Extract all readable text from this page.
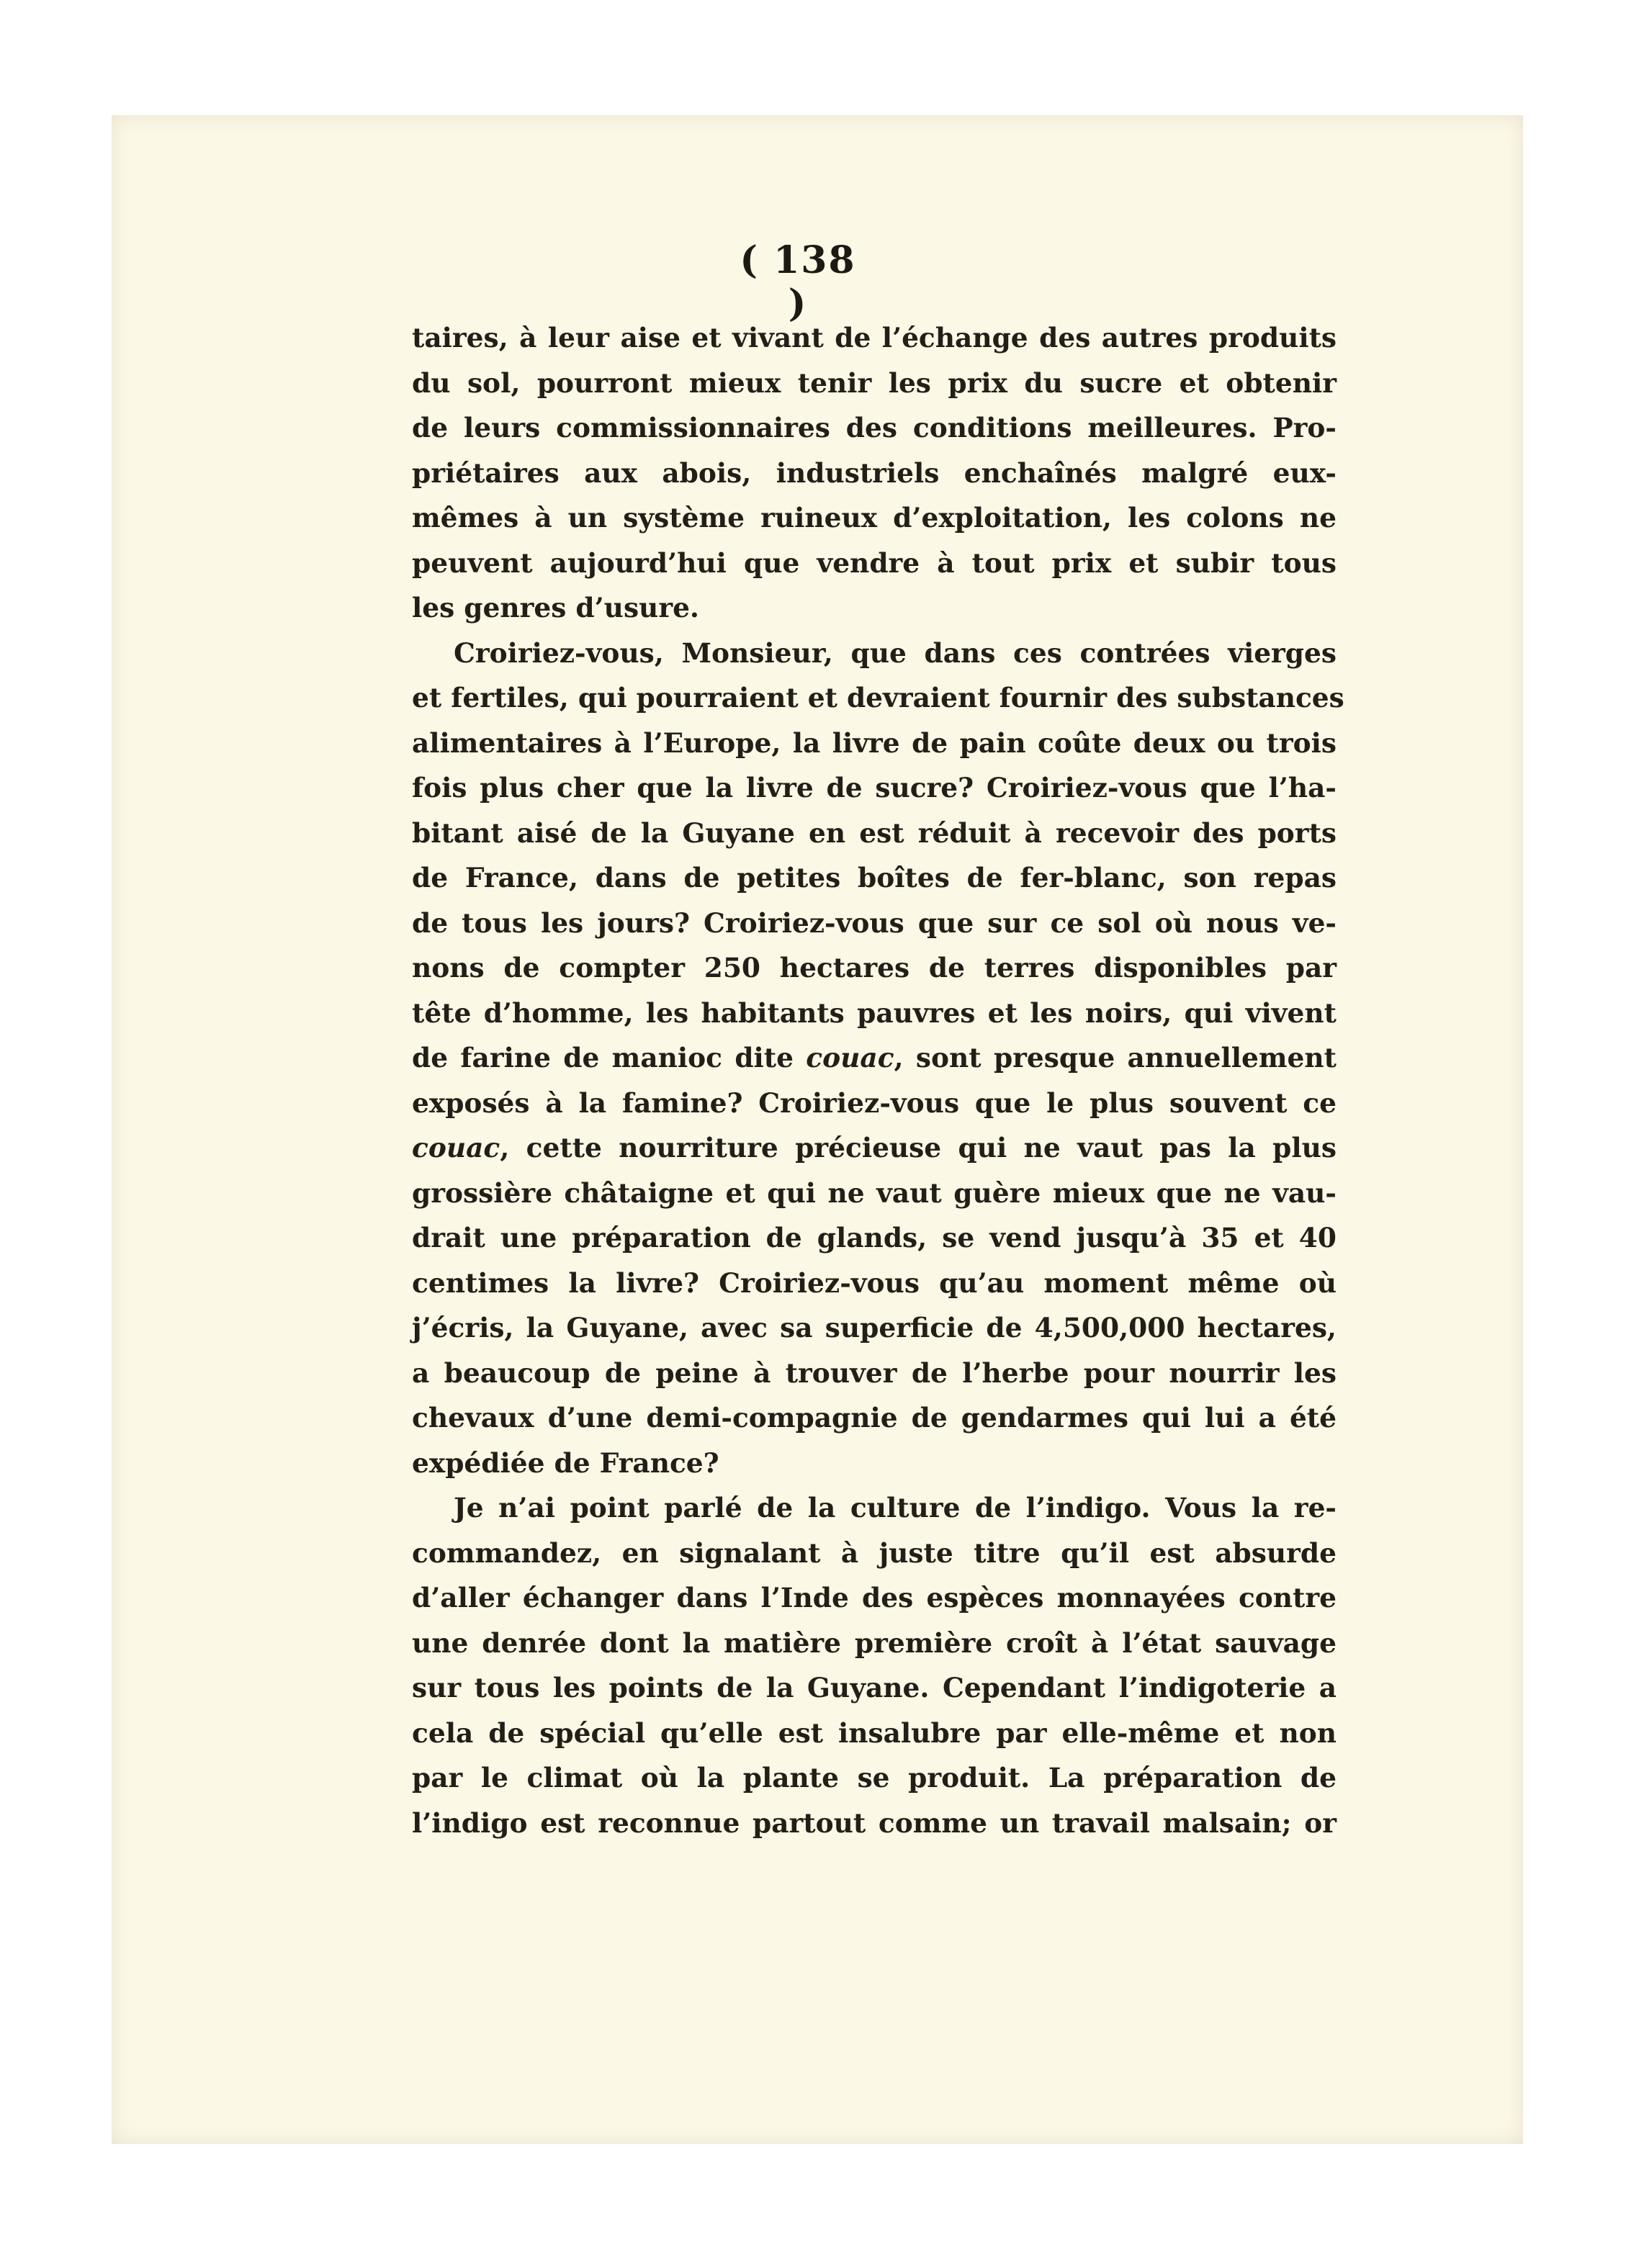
( 138 )
taires, à leur aise et vivant de l’échange des autres produits
du sol, pourront mieux tenir les prix du sucre et obtenir
de leurs commissionnaires des conditions meilleures. Pro-
priétaires aux abois, industriels enchaînés malgré eux-
mêmes à un système ruineux d’exploitation, les colons ne
peuvent aujourd’hui que vendre à tout prix et subir tous
les genres d’usure.
Croiriez-vous, Monsieur, que dans ces contrées vierges
et fertiles, qui pourraient et devraient fournir des substances
alimentaires à l’Europe, la livre de pain coûte deux ou trois
fois plus cher que la livre de sucre? Croiriez-vous que l’ha-
bitant aisé de la Guyane en est réduit à recevoir des ports
de France, dans de petites boîtes de fer-blanc, son repas
de tous les jours? Croiriez-vous que sur ce sol où nous ve-
nons de compter 250 hectares de terres disponibles par
tête d’homme, les habitants pauvres et les noirs, qui vivent
de farine de manioc dite couac, sont presque annuellement
exposés à la famine? Croiriez-vous que le plus souvent ce
couac, cette nourriture précieuse qui ne vaut pas la plus
grossière châtaigne et qui ne vaut guère mieux que ne vau-
drait une préparation de glands, se vend jusqu’à 35 et 40
centimes la livre? Croiriez-vous qu’au moment même où
j’écris, la Guyane, avec sa superficie de 4,500,000 hectares,
a beaucoup de peine à trouver de l’herbe pour nourrir les
chevaux d’une demi-compagnie de gendarmes qui lui a été
expédiée de France?
Je n’ai point parlé de la culture de l’indigo. Vous la re-
commandez, en signalant à juste titre qu’il est absurde
d’aller échanger dans l’Inde des espèces monnayées contre
une denrée dont la matière première croît à l’état sauvage
sur tous les points de la Guyane. Cependant l’indigoterie a
cela de spécial qu’elle est insalubre par elle-même et non
par le climat où la plante se produit. La préparation de
l’indigo est reconnue partout comme un travail malsain; or
